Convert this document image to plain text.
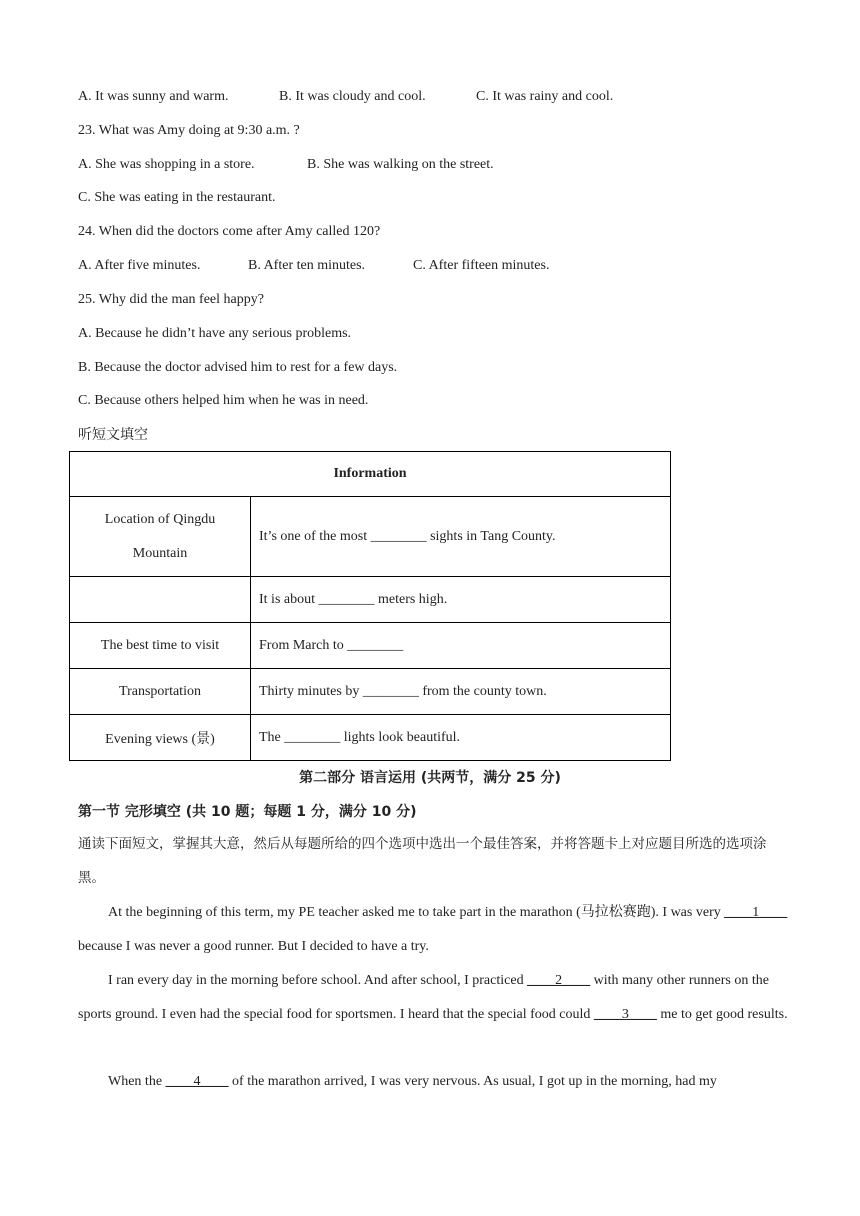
A. It was sunny and warm.	B. It was cloudy and cool.	C. It was rainy and cool.
23. What was Amy doing at 9:30 a.m. ?
A. She was shopping in a store.	B. She was walking on the street.
C. She was eating in the restaurant.
24. When did the doctors come after Amy called 120?
A. After five minutes.	B. After ten minutes.	C. After fifteen minutes.
25. Why did the man feel happy?
A. Because he didn’t have any serious problems.
B. Because the doctor advised him to rest for a few days.
C. Because others helped him when he was in need.
听短文填空
Information	
Location of Qingdu
Mountain	It’s one of the most ________ sights in Tang County.
	It is about ________ meters high.
The best time to visit	From March to ________
Transportation	Thirty minutes by ________ from the county town.
Evening views (景)	The ________ lights look beautiful.
第二部分 语言运用 (共两节，满分 25 分)
第一节 完形填空 (共 10 题；每题 1 分，满分 10 分)
通读下面短文，掌握其大意，然后从每题所给的四个选项中选出一个最佳答案，并将答题卡上对应题目所选的选项涂黑。
At the beginning of this term, my PE teacher asked me to take part in the marathon (马拉松赛跑). I was very ____1____ because I was never a good runner. But I decided to have a try.
I ran every day in the morning before school. And after school, I practiced ____2____ with many other runners on the sports ground. I even had the special food for sportsmen. I heard that the special food could ____3____ me to get good results.
When the ____4____ of the marathon arrived, I was very nervous. As usual, I got up in the morning, had my
